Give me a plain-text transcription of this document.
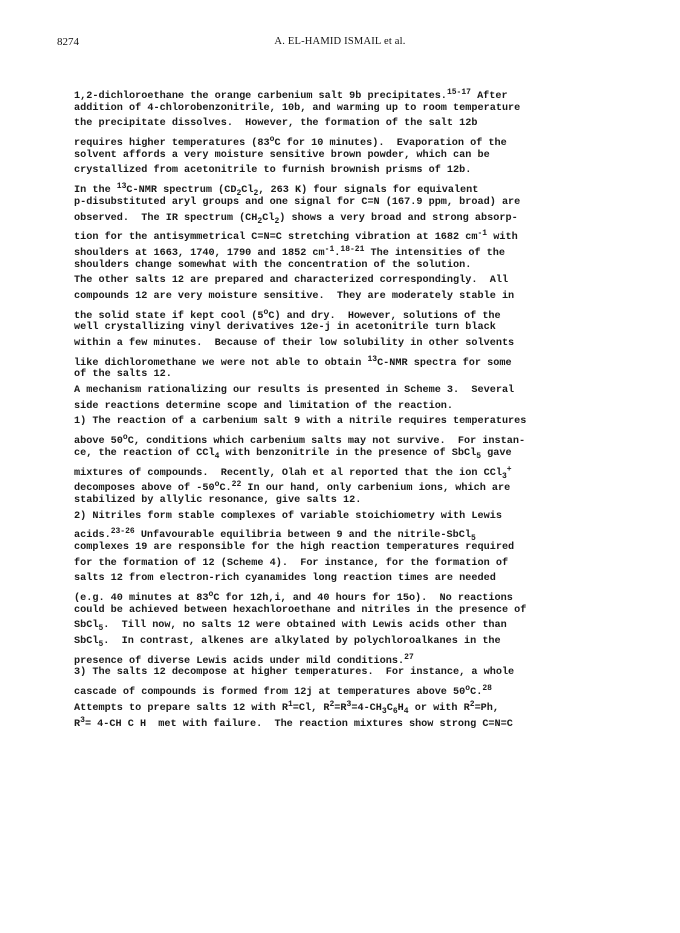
8274	A. EL-HAMID ISMAIL et al.
1,2-dichloroethane the orange carbenium salt 9b precipitates.$^{15-17}$ After
addition of 4-chlorobenzonitrile, 10b, and warming up to room temperature
the precipitate dissolves.  However, the formation of the salt 12b
requires higher temperatures (83$^o$C for 10 minutes).  Evaporation of the
solvent affords a very moisture sensitive brown powder, which can be
crystallized from acetonitrile to furnish brownish prisms of 12b.
In the $^{13}$C-NMR spectrum ($CD_2Cl_2$, 263 K) four signals for equivalent
p-disubstituted aryl groups and one signal for C=N (167.9 ppm, broad) are
observed.  The IR spectrum $(CH_2Cl_2)$ shows a very broad and strong absorp-
tion for the antisymmetrical C=N=C stretching vibration at 1682 $cm^{-1}$ with
shoulders at 1663, 1740, 1790 and 1852 $cm^{-1}.^{18-21}$ The intensities of the
shoulders change somewhat with the concentration of the solution.
The other salts 12 are prepared and characterized correspondingly.  All
compounds 12 are very moisture sensitive.  They are moderately stable in
the solid state if kept cool (5$^o$C) and dry.  However, solutions of the
well crystallizing vinyl derivatives 12e-j in acetonitrile turn black
within a few minutes.  Because of their low solubility in other solvents
like dichloromethane we were not able to obtain $^{13}$C-NMR spectra for some
of the salts 12.
A mechanism rationalizing our results is presented in Scheme 3.  Several
side reactions determine scope and limitation of the reaction.
1) The reaction of a carbenium salt 9 with a nitrile requires temperatures
above 50$^o$C, conditions which carbenium salts may not survive.  For instan-
ce, the reaction of CCl$_4$ with benzonitrile in the presence of SbCl$_5$ gave
mixtures of compounds.  Recently, Olah et al reported that the ion CCl$_3$+
decomposes above of -50$^o$C.$^{22}$ In our hand, only carbenium ions, which are
stabilized by allylic resonance, give salts 12.
2) Nitriles form stable complexes of variable stoichiometry with Lewis
acids.$^{23-26}$ Unfavourable equilibria between 9 and the nitrile-SbCl$_5$
complexes 19 are responsible for the high reaction temperatures required
for the formation of 12 (Scheme 4).  For instance, for the formation of
salts 12 from electron-rich cyanamides long reaction times are needed
(e.g. 40 minutes at 83$^o$C for 12h,i, and 40 hours for 15o).  No reactions
could be achieved between hexachloroethane and nitriles in the presence of
SbCl$_5$.  Till now, no salts 12 were obtained with Lewis acids other than
SbCl$_5$.  In contrast, alkenes are alkylated by polychloroalkanes in the
presence of diverse Lewis acids under mild conditions.$^{27}$
3) The salts 12 decompose at higher temperatures.  For instance, a whole
cascade of compounds is formed from 12j at temperatures above 50$^o$C.$^{28}$
Attempts to prepare salts 12 with $R^1=Cl$, $R^2=R^3=4-CH_3C_6H_4$ or with $R^2=Ph$,
$R^3= 4-CH$ C H  met with failure.  The reaction mixtures show strong C=N=C
